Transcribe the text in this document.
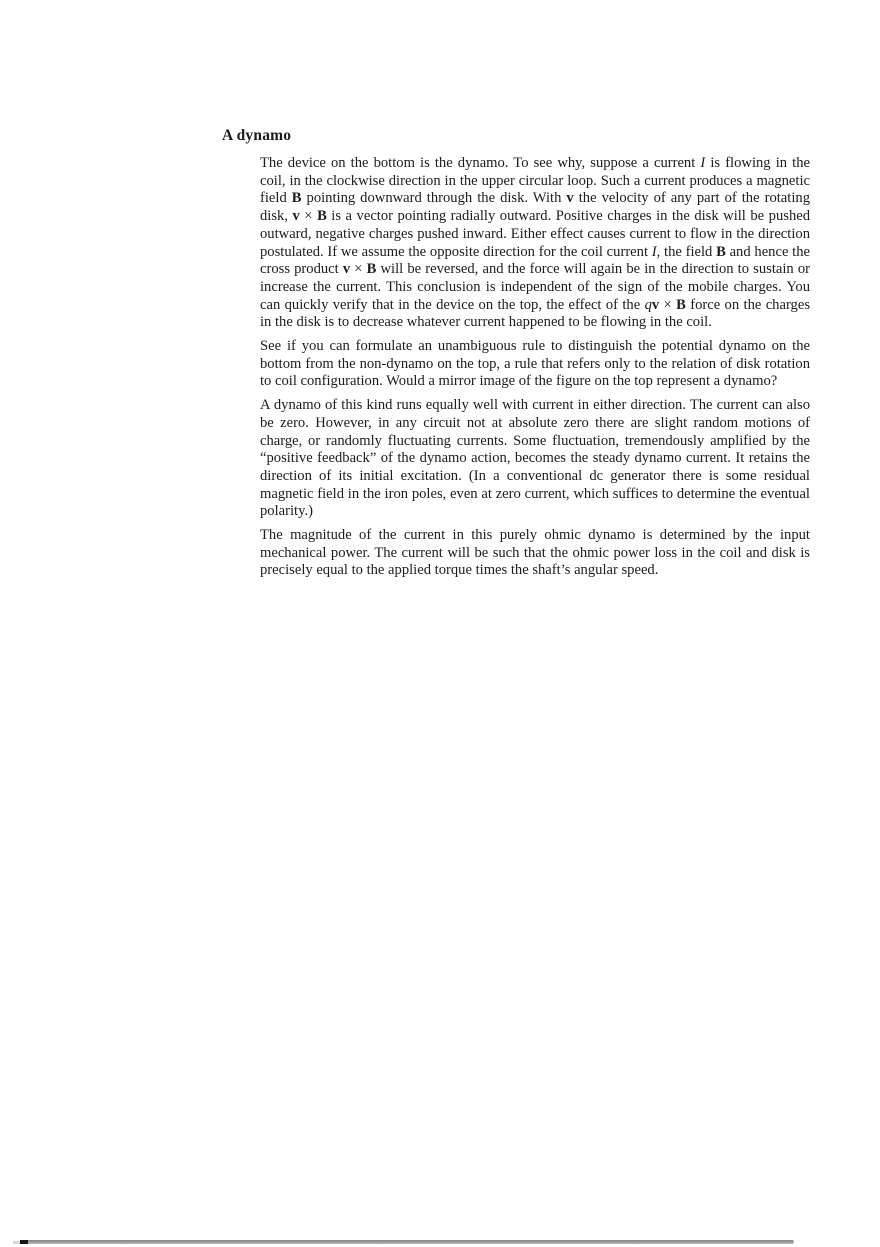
A dynamo

The device on the bottom is the dynamo. To see why, suppose a current I is flowing in the coil, in the clockwise direction in the upper circular loop. Such a current produces a magnetic field B pointing downward through the disk. With v the velocity of any part of the rotating disk, v × B is a vector pointing radially outward. Positive charges in the disk will be pushed outward, negative charges pushed inward. Either effect causes current to flow in the direction postulated. If we assume the opposite direction for the coil current I, the field B and hence the cross product v × B will be reversed, and the force will again be in the direction to sustain or increase the current. This conclusion is independent of the sign of the mobile charges. You can quickly verify that in the device on the top, the effect of the qv × B force on the charges in the disk is to decrease whatever current happened to be flowing in the coil.

See if you can formulate an unambiguous rule to distinguish the potential dynamo on the bottom from the non-dynamo on the top, a rule that refers only to the relation of disk rotation to coil configuration. Would a mirror image of the figure on the top represent a dynamo?

A dynamo of this kind runs equally well with current in either direction. The current can also be zero. However, in any circuit not at absolute zero there are slight random motions of charge, or randomly fluctuating currents. Some fluctuation, tremendously amplified by the “positive feedback” of the dynamo action, becomes the steady dynamo current. It retains the direction of its initial excitation. (In a conventional dc generator there is some residual magnetic field in the iron poles, even at zero current, which suffices to determine the eventual polarity.)

The magnitude of the current in this purely ohmic dynamo is determined by the input mechanical power. The current will be such that the ohmic power loss in the coil and disk is precisely equal to the applied torque times the shaft’s angular speed.
